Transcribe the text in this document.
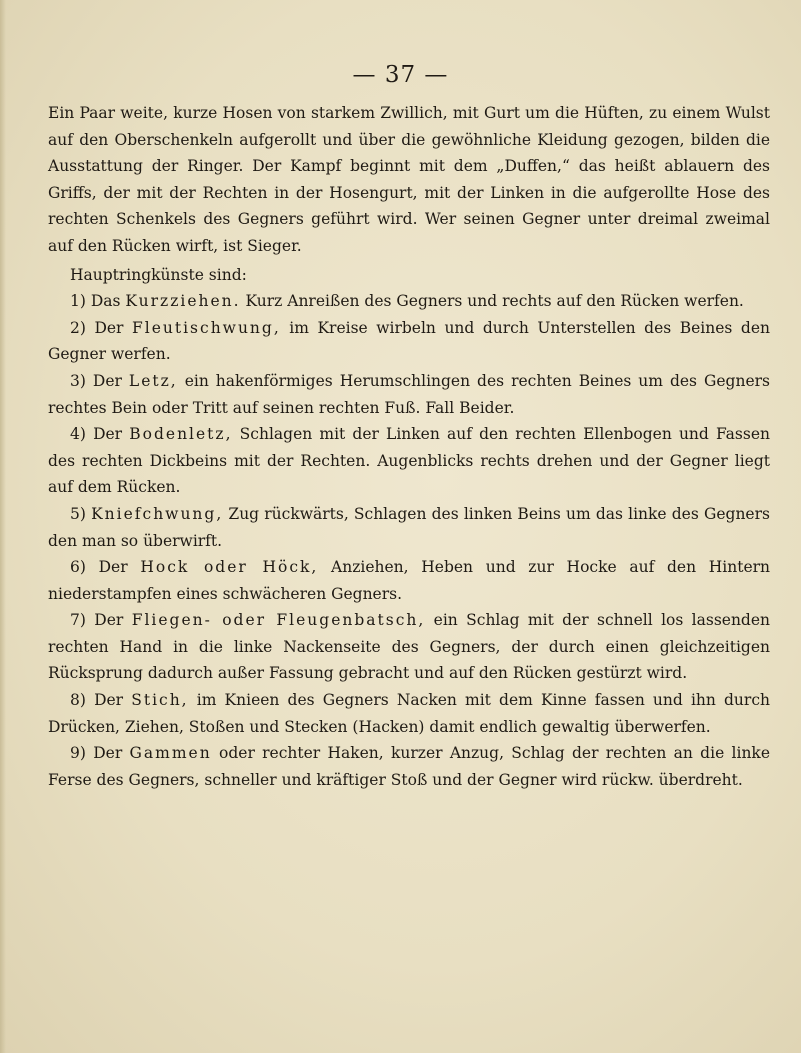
— 37 —

Ein Paar weite, kurze Hosen von starkem Zwillich, mit Gurt um die Hüften, zu einem Wulst auf den Oberschenkeln aufgerollt und über die gewöhnliche Kleidung gezogen, bilden die Ausstattung der Ringer. Der Kampf beginnt mit dem „Duffen,“ das heißt ablauern des Griffs, der mit der Rechten in der Hosengurt, mit der Linken in die aufgerollte Hose des rechten Schenkels des Gegners geführt wird. Wer seinen Gegner unter dreimal zweimal auf den Rücken wirft, ist Sieger.

Hauptringkünste sind:

1) Das Kurzziehen. Kurz Anreißen des Gegners und rechts auf den Rücken werfen.

2) Der Fleutischwung, im Kreise wirbeln und durch Unterstellen des Beines den Gegner werfen.

3) Der Letz, ein hakenförmiges Herumschlingen des rechten Beines um des Gegners rechtes Bein oder Tritt auf seinen rechten Fuß. Fall Beider.

4) Der Bodenletz, Schlagen mit der Linken auf den rechten Ellenbogen und Fassen des rechten Dickbeins mit der Rechten. Augenblicks rechts drehen und der Gegner liegt auf dem Rücken.

5) Kniefchwung, Zug rückwärts, Schlagen des linken Beins um das linke des Gegners den man so überwirft.

6) Der Hock oder Höck, Anziehen, Heben und zur Hocke auf den Hintern niederstampfen eines schwächeren Gegners.

7) Der Fliegen- oder Fleugenbatsch, ein Schlag mit der schnell los lassenden rechten Hand in die linke Nackenseite des Gegners, der durch einen gleichzeitigen Rücksprung dadurch außer Fassung gebracht und auf den Rücken gestürzt wird.

8) Der Stich, im Knieen des Gegners Nacken mit dem Kinne fassen und ihn durch Drücken, Ziehen, Stoßen und Stecken (Hacken) damit endlich gewaltig überwerfen.

9) Der Gammen oder rechter Haken, kurzer Anzug, Schlag der rechten an die linke Ferse des Gegners, schneller und kräftiger Stoß und der Gegner wird rückw. überdreht.
